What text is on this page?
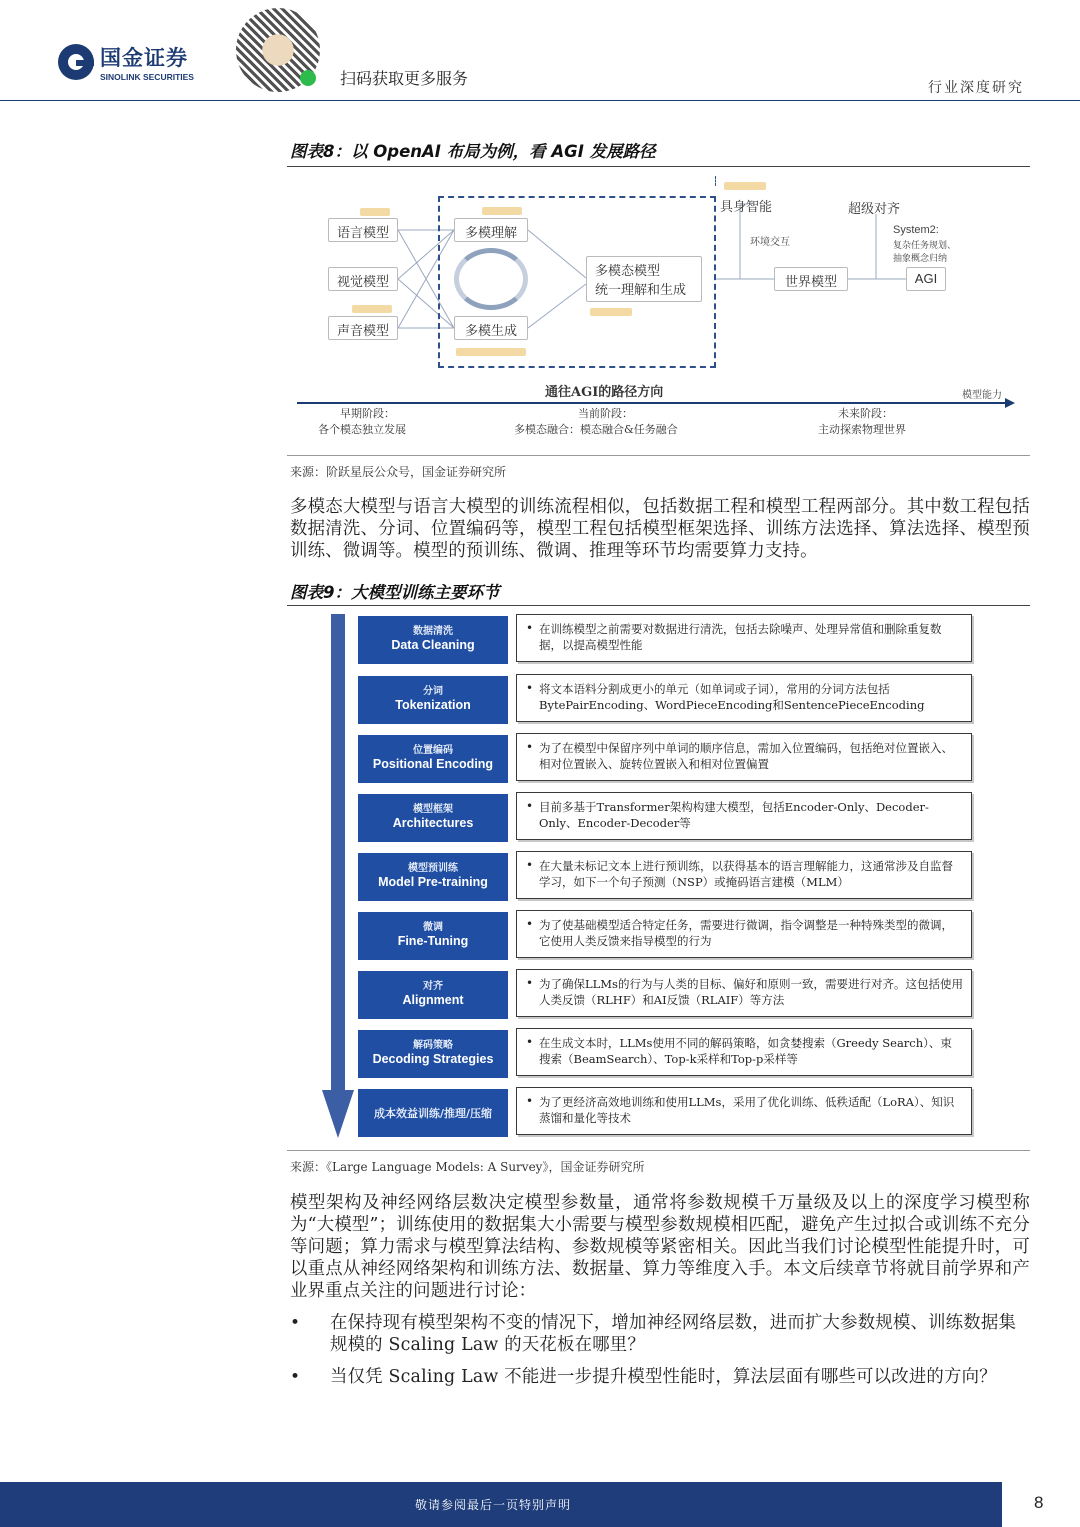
国金证券
SINOLINK SECURITIES	扫码获取更多服务	行业深度研究
图表8：以 OpenAI 布局为例，看 AGI 发展路径
语言模型
视觉模型
声音模型
多模理解
多模生成
多模态模型
统一理解和生成
具身智能
环境交互
世界模型
超级对齐
System2:
复杂任务规划、
抽象概念归纳
AGI
通往AGI的路径方向	模型能力
早期阶段：
各个模态独立发展
当前阶段：
多模态融合：模态融合&任务融合
未来阶段：
主动探索物理世界
来源：阶跃星辰公众号，国金证券研究所
多模态大模型与语言大模型的训练流程相似，包括数据工程和模型工程两部分。其中数工程包括数据清洗、分词、位置编码等，模型工程包括模型框架选择、训练方法选择、算法选择、模型预训练、微调等。模型的预训练、微调、推理等环节均需要算力支持。
图表9：大模型训练主要环节
数据清洗
Data Cleaning
• 在训练模型之前需要对数据进行清洗，包括去除噪声、处理异常值和删除重复数据，以提高模型性能
分词
Tokenization
• 将文本语料分割成更小的单元（如单词或子词），常用的分词方法包括BytePairEncoding、WordPieceEncoding和SentencePieceEncoding
位置编码
Positional Encoding
• 为了在模型中保留序列中单词的顺序信息，需加入位置编码，包括绝对位置嵌入、相对位置嵌入、旋转位置嵌入和相对位置偏置
模型框架
Architectures
• 目前多基于Transformer架构构建大模型，包括Encoder-Only、Decoder-Only、Encoder-Decoder等
模型预训练
Model Pre-training
• 在大量未标记文本上进行预训练，以获得基本的语言理解能力，这通常涉及自监督学习，如下一个句子预测（NSP）或掩码语言建模（MLM）
微调
Fine-Tuning
• 为了使基础模型适合特定任务，需要进行微调，指令调整是一种特殊类型的微调，它使用人类反馈来指导模型的行为
对齐
Alignment
• 为了确保LLMs的行为与人类的目标、偏好和原则一致，需要进行对齐。这包括使用人类反馈（RLHF）和AI反馈（RLAIF）等方法
解码策略
Decoding Strategies
• 在生成文本时，LLMs使用不同的解码策略，如贪婪搜索（Greedy Search）、束搜索（BeamSearch）、Top-k采样和Top-p采样等
成本效益训练/推理/压缩
• 为了更经济高效地训练和使用LLMs，采用了优化训练、低秩适配（LoRA）、知识蒸馏和量化等技术
来源：《Large Language Models: A Survey》，国金证券研究所
模型架构及神经网络层数决定模型参数量，通常将参数规模千万量级及以上的深度学习模型称为“大模型”；训练使用的数据集大小需要与模型参数规模相匹配，避免产生过拟合或训练不充分等问题；算力需求与模型算法结构、参数规模等紧密相关。因此当我们讨论模型性能提升时，可以重点从神经网络架构和训练方法、数据量、算力等维度入手。本文后续章节将就目前学界和产业界重点关注的问题进行讨论：
• 在保持现有模型架构不变的情况下，增加神经网络层数，进而扩大参数规模、训练数据集规模的 Scaling Law 的天花板在哪里？
• 当仅凭 Scaling Law 不能进一步提升模型性能时，算法层面有哪些可以改进的方向？
敬请参阅最后一页特别声明	8
